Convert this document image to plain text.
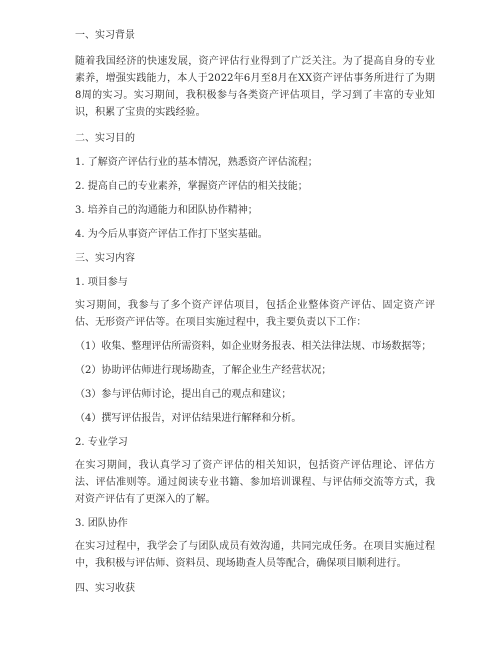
一、实习背景
随着我国经济的快速发展，资产评估行业得到了广泛关注。为了提高自身的专业素养，增强实践能力，本人于2022年6月至8月在XX资产评估事务所进行了为期8周的实习。实习期间，我积极参与各类资产评估项目，学习到了丰富的专业知识，积累了宝贵的实践经验。
二、实习目的
1. 了解资产评估行业的基本情况，熟悉资产评估流程；
2. 提高自己的专业素养，掌握资产评估的相关技能；
3. 培养自己的沟通能力和团队协作精神；
4. 为今后从事资产评估工作打下坚实基础。
三、实习内容
1. 项目参与
实习期间，我参与了多个资产评估项目，包括企业整体资产评估、固定资产评估、无形资产评估等。在项目实施过程中，我主要负责以下工作：
（1）收集、整理评估所需资料，如企业财务报表、相关法律法规、市场数据等；
（2）协助评估师进行现场勘查，了解企业生产经营状况；
（3）参与评估师讨论，提出自己的观点和建议；
（4）撰写评估报告，对评估结果进行解释和分析。
2. 专业学习
在实习期间，我认真学习了资产评估的相关知识，包括资产评估理论、评估方法、评估准则等。通过阅读专业书籍、参加培训课程、与评估师交流等方式，我对资产评估有了更深入的了解。
3. 团队协作
在实习过程中，我学会了与团队成员有效沟通，共同完成任务。在项目实施过程中，我积极与评估师、资料员、现场勘查人员等配合，确保项目顺利进行。
四、实习收获
